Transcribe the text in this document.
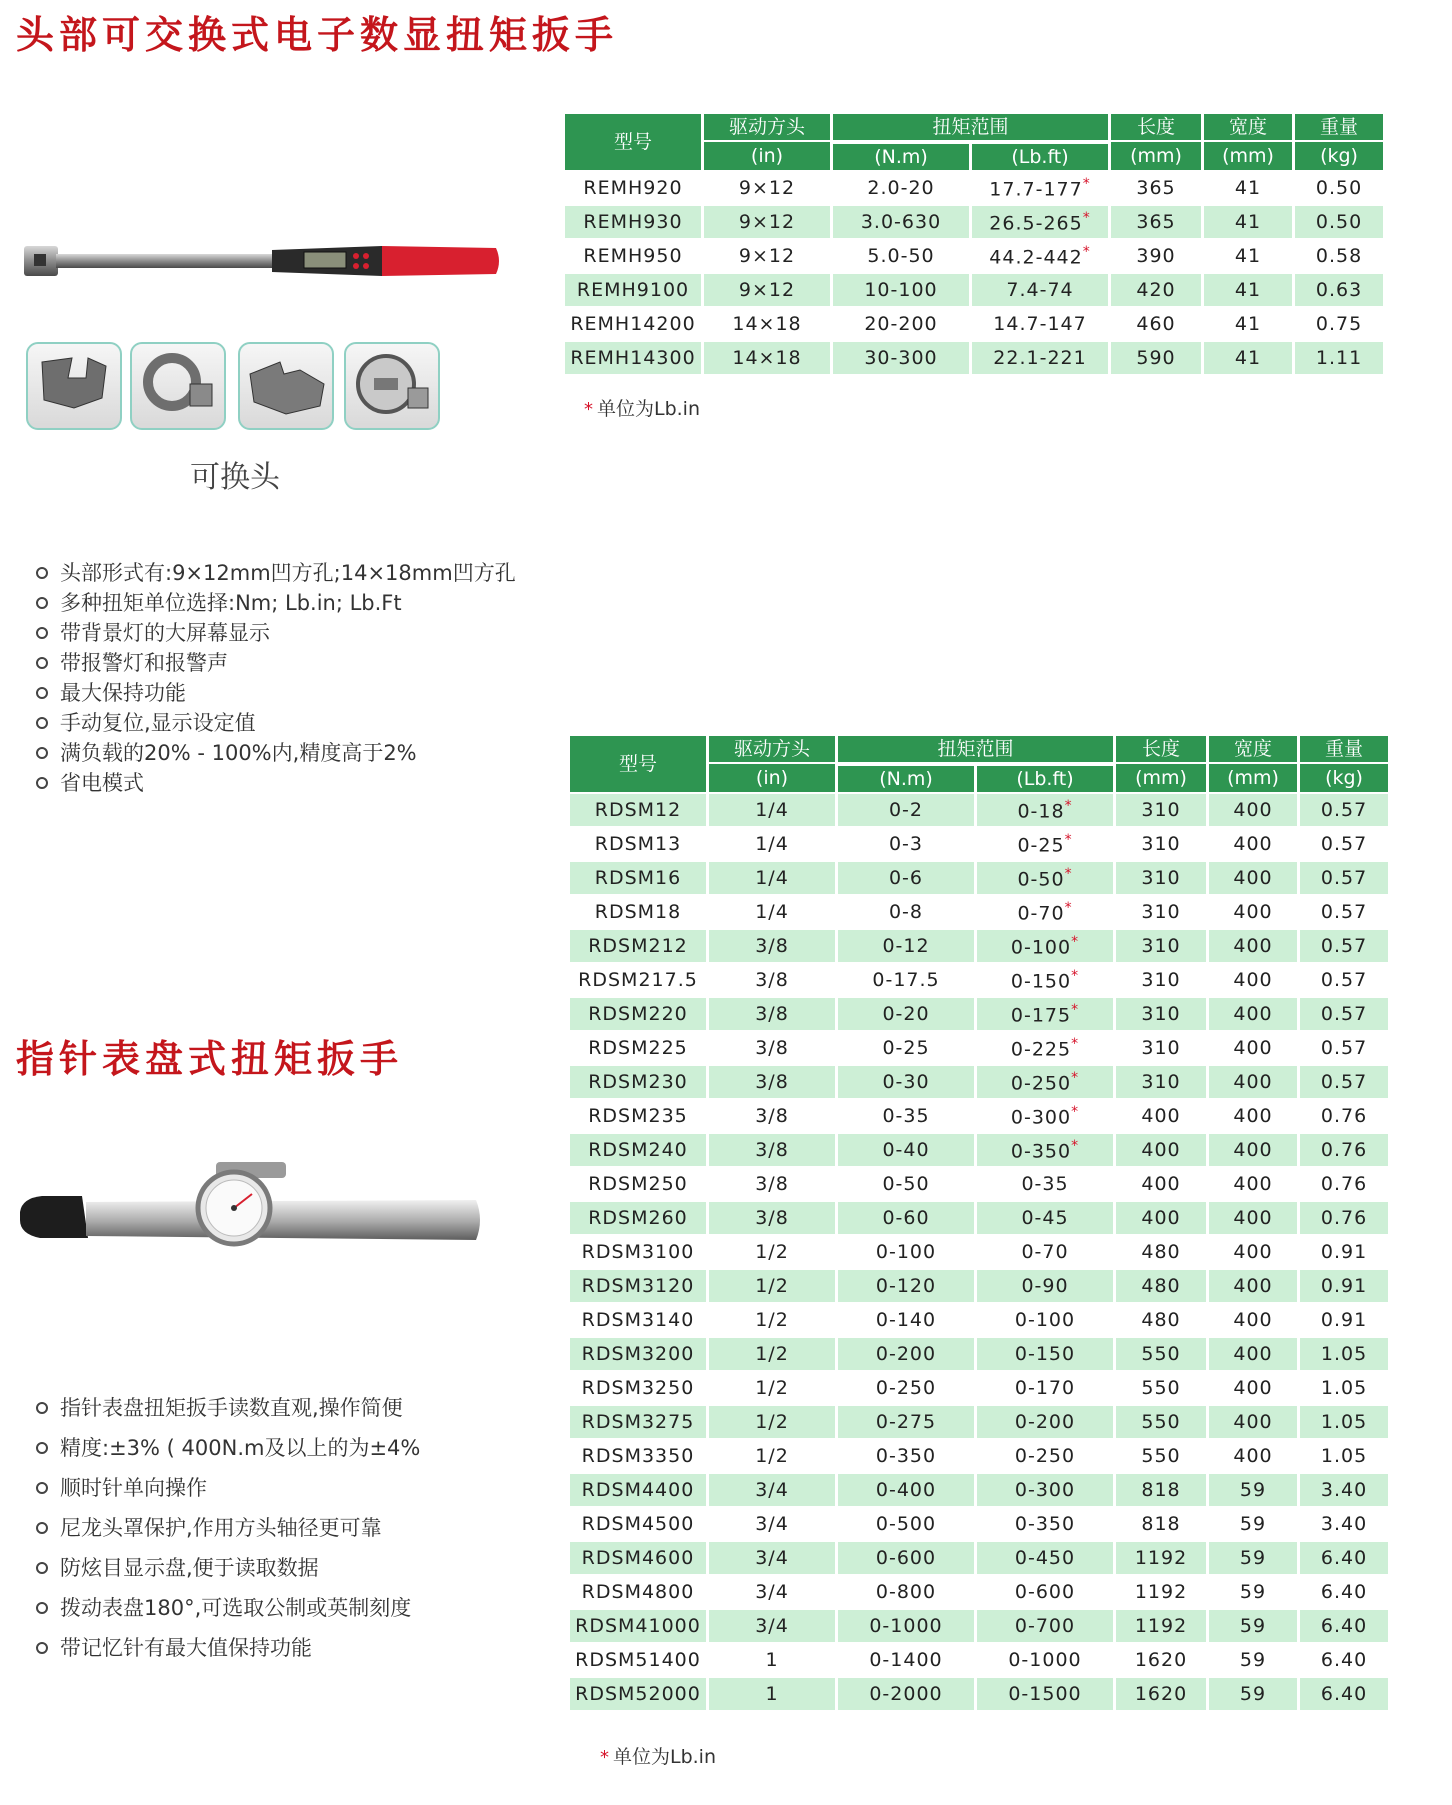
头部可交换式电子数显扭矩扳手
可换头
头部形式有:9×12mm凹方孔;14×18mm凹方孔
多种扭矩单位选择:Nm; Lb.in; Lb.Ft
带背景灯的大屏幕显示
带报警灯和报警声
最大保持功能
手动复位,显示设定值
满负载的20% - 100%内,精度高于2%
省电模式
型号	驱动方头	扭矩范围		长度	宽度	重量
	(in)	(N.m)	(Lb.ft)	(mm)	(mm)	(kg)
REMH920	9×12	2.0-20	17.7-177*	365	41	0.50
REMH930	9×12	3.0-630	26.5-265*	365	41	0.50
REMH950	9×12	5.0-50	44.2-442*	390	41	0.58
REMH9100	9×12	10-100	7.4-74	420	41	0.63
REMH14200	14×18	20-200	14.7-147	460	41	0.75
REMH14300	14×18	30-300	22.1-221	590	41	1.11
* 单位为Lb.in
指针表盘式扭矩扳手
指针表盘扭矩扳手读数直观,操作简便
精度:±3% ( 400N.m及以上的为±4%
顺时针单向操作
尼龙头罩保护,作用方头轴径更可靠
防炫目显示盘,便于读取数据
拨动表盘180°,可选取公制或英制刻度
带记忆针有最大值保持功能
型号	驱动方头	扭矩范围		长度	宽度	重量
	(in)	(N.m)	(Lb.ft)	(mm)	(mm)	(kg)
RDSM12	1/4	0-2	0-18*	310	400	0.57
RDSM13	1/4	0-3	0-25*	310	400	0.57
RDSM16	1/4	0-6	0-50*	310	400	0.57
RDSM18	1/4	0-8	0-70*	310	400	0.57
RDSM212	3/8	0-12	0-100*	310	400	0.57
RDSM217.5	3/8	0-17.5	0-150*	310	400	0.57
RDSM220	3/8	0-20	0-175*	310	400	0.57
RDSM225	3/8	0-25	0-225*	310	400	0.57
RDSM230	3/8	0-30	0-250*	310	400	0.57
RDSM235	3/8	0-35	0-300*	400	400	0.76
RDSM240	3/8	0-40	0-350*	400	400	0.76
RDSM250	3/8	0-50	0-35	400	400	0.76
RDSM260	3/8	0-60	0-45	400	400	0.76
RDSM3100	1/2	0-100	0-70	480	400	0.91
RDSM3120	1/2	0-120	0-90	480	400	0.91
RDSM3140	1/2	0-140	0-100	480	400	0.91
RDSM3200	1/2	0-200	0-150	550	400	1.05
RDSM3250	1/2	0-250	0-170	550	400	1.05
RDSM3275	1/2	0-275	0-200	550	400	1.05
RDSM3350	1/2	0-350	0-250	550	400	1.05
RDSM4400	3/4	0-400	0-300	818	59	3.40
RDSM4500	3/4	0-500	0-350	818	59	3.40
RDSM4600	3/4	0-600	0-450	1192	59	6.40
RDSM4800	3/4	0-800	0-600	1192	59	6.40
RDSM41000	3/4	0-1000	0-700	1192	59	6.40
RDSM51400	1	0-1400	0-1000	1620	59	6.40
RDSM52000	1	0-2000	0-1500	1620	59	6.40
* 单位为Lb.in
